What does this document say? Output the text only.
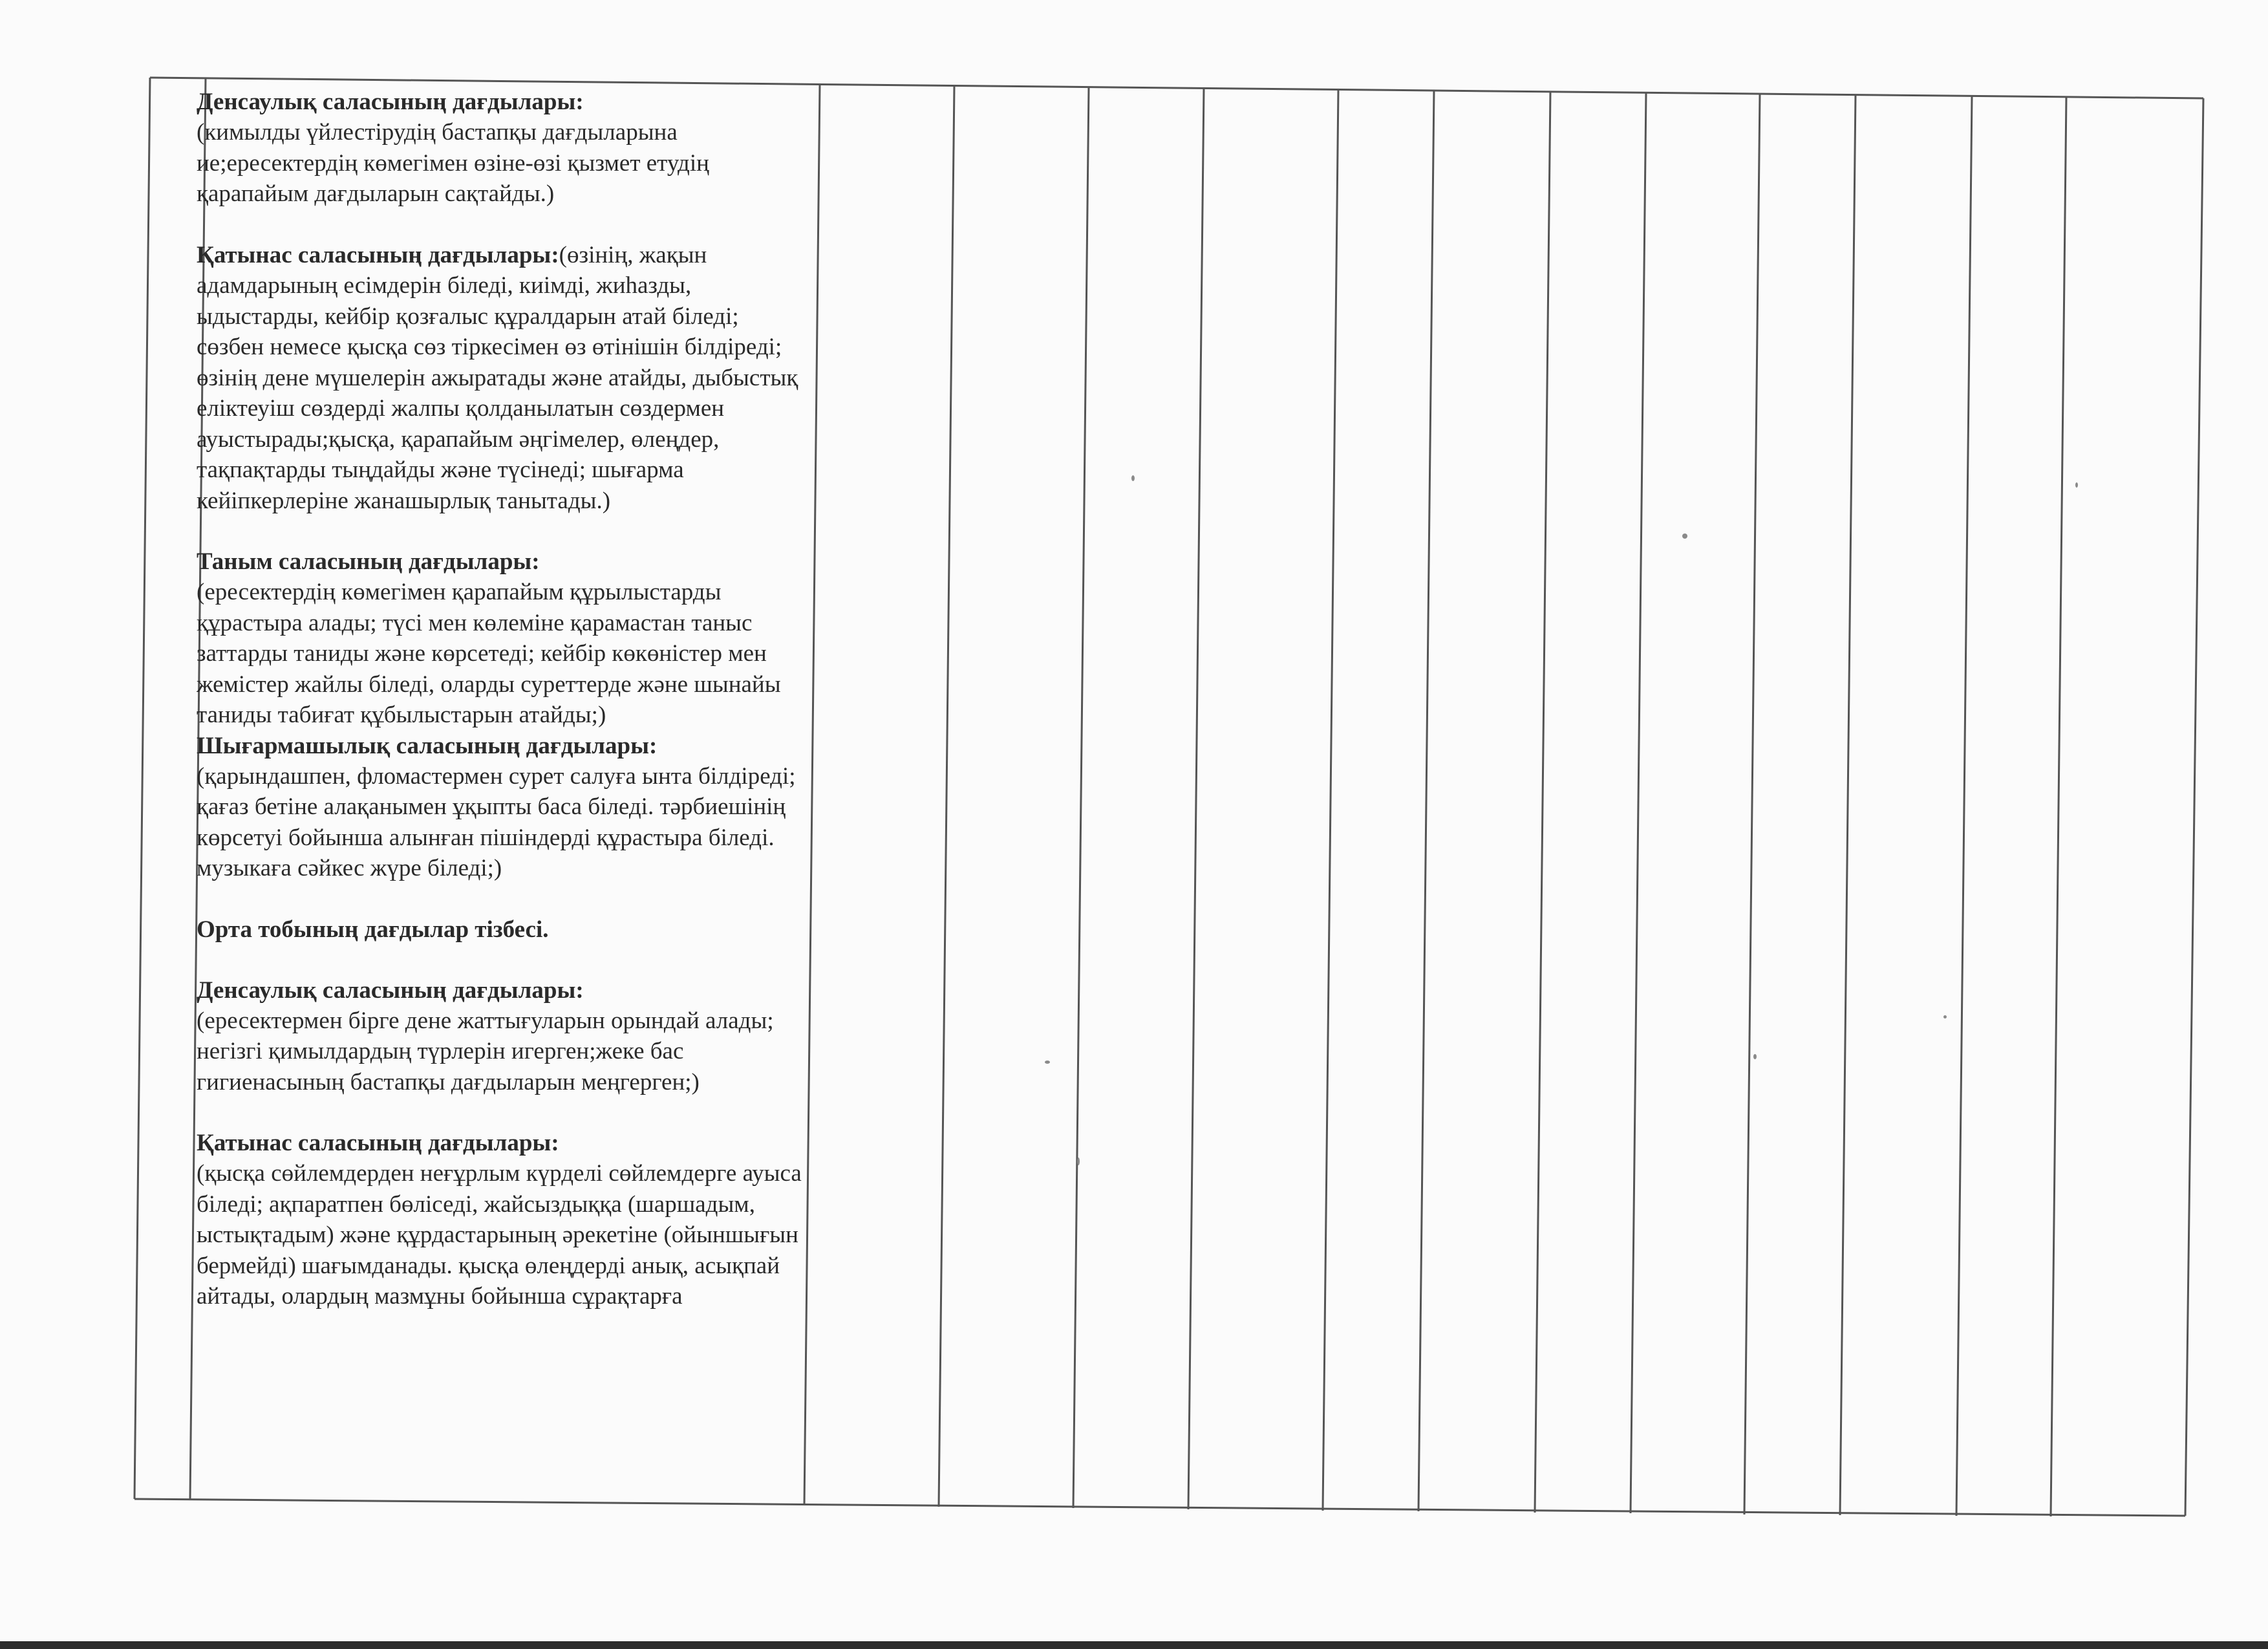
Денсаулық саласының дағдылары:
(кимылды үйлестірудің бастапқы дағдыларына ие;ересектердің көмегімен өзіне-өзі қызмет етудің қарапайым дағдыларын сақтайды.)
Қатынас саласының дағдылары:(өзінің, жақын адамдарының есімдерін біледі, киімді, жиһазды, ыдыстарды, кейбір қозғалыс құралдарын атай біледі; сөзбен немесе қысқа сөз тіркесімен өз өтінішін білдіреді; өзінің дене мүшелерін ажыратады және атайды, дыбыстық еліктеуіш сөздерді жалпы қолданылатын сөздермен ауыстырады;қысқа, қарапайым әңгімелер, өлеңдер, тақпақтарды тыңдайды және түсінеді; шығарма кейіпкерлеріне жанашырлық танытады.)
Таным саласының дағдылары:
(ересектердің көмегімен қарапайым құрылыстарды құрастыра алады; түсі мен көлеміне қарамастан таныс заттарды таниды және көрсетеді; кейбір көкөністер мен жемістер жайлы біледі, оларды суреттерде және шынайы таниды табиғат құбылыстарын атайды;)
Шығармашылық саласының дағдылары:
(қарындашпен, фломастермен сурет салуға ынта білдіреді; қағаз бетіне алақанымен ұқыпты баса біледі. тәрбиешінің көрсетуі бойынша алынған пішіндерді құрастыра біледі. музыкаға сәйкес жүре біледі;)
Орта тобының дағдылар тізбесі.
Денсаулық саласының дағдылары:
(ересектермен бірге дене жаттығуларын орындай алады; негізгі қимылдардың түрлерін игерген;жеке бас гигиенасының бастапқы дағдыларын меңгерген;)
Қатынас саласының дағдылары:
(қысқа сөйлемдерден неғұрлым күрделі сөйлемдерге ауыса біледі; ақпаратпен бөліседі, жайсыздыққа (шаршадым, ыстықтадым) және құрдастарының әрекетіне (ойыншығын бермейді) шағымданады. қысқа өлеңдерді анық, асықпай айтады, олардың мазмұны бойынша сұрақтарға
